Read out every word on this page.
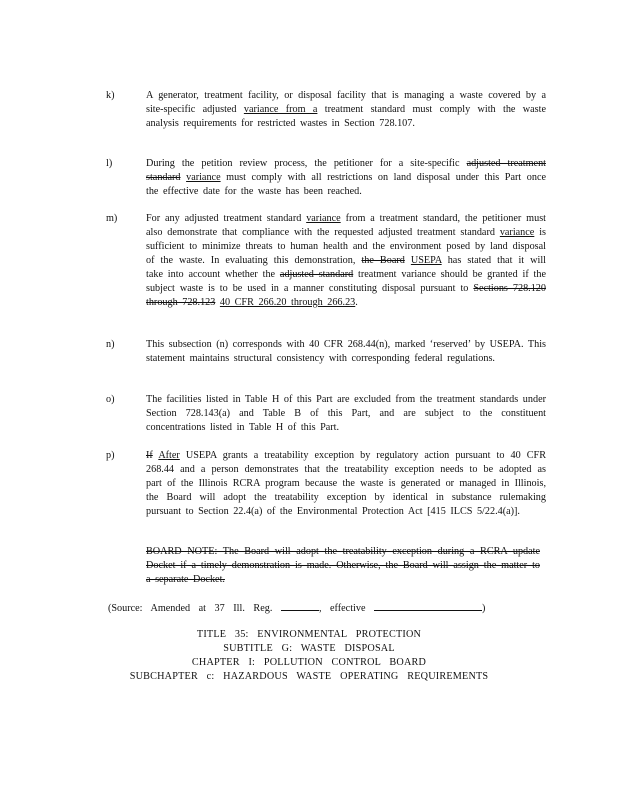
k)	A generator, treatment facility, or disposal facility that is managing a waste covered by a site-specific adjusted variance from a treatment standard must comply with the waste analysis requirements for restricted wastes in Section 728.107.
l)	During the petition review process, the petitioner for a site-specific adjusted treatment standard variance must comply with all restrictions on land disposal under this Part once the effective date for the waste has been reached.
m)	For any adjusted treatment standard variance from a treatment standard, the petitioner must also demonstrate that compliance with the requested adjusted treatment standard variance is sufficient to minimize threats to human health and the environment posed by land disposal of the waste. In evaluating this demonstration, the Board USEPA has stated that it will take into account whether the adjusted standard treatment variance should be granted if the subject waste is to be used in a manner constituting disposal pursuant to Sections 728.120 through 728.123 40 CFR 266.20 through 266.23.
n)	This subsection (n) corresponds with 40 CFR 268.44(n), marked ‘reserved’ by USEPA. This statement maintains structural consistency with corresponding federal regulations.
o)	The facilities listed in Table H of this Part are excluded from the treatment standards under Section 728.143(a) and Table B of this Part, and are subject to the constituent concentrations listed in Table H of this Part.
p)	If After USEPA grants a treatability exception by regulatory action pursuant to 40 CFR 268.44 and a person demonstrates that the treatability exception needs to be adopted as part of the Illinois RCRA program because the waste is generated or managed in Illinois, the Board will adopt the treatability exception by identical in substance rulemaking pursuant to Section 22.4(a) of the Environmental Protection Act [415 ILCS 5/22.4(a)].
BOARD NOTE: The Board will adopt the treatability exception during a RCRA update Docket if a timely demonstration is made. Otherwise, the Board will assign the matter to a separate Docket.
(Source: Amended at 37 Ill. Reg.	, effective	)
TITLE 35: ENVIRONMENTAL PROTECTION
SUBTITLE G: WASTE DISPOSAL
CHAPTER I: POLLUTION CONTROL BOARD
SUBCHAPTER c: HAZARDOUS WASTE OPERATING REQUIREMENTS
